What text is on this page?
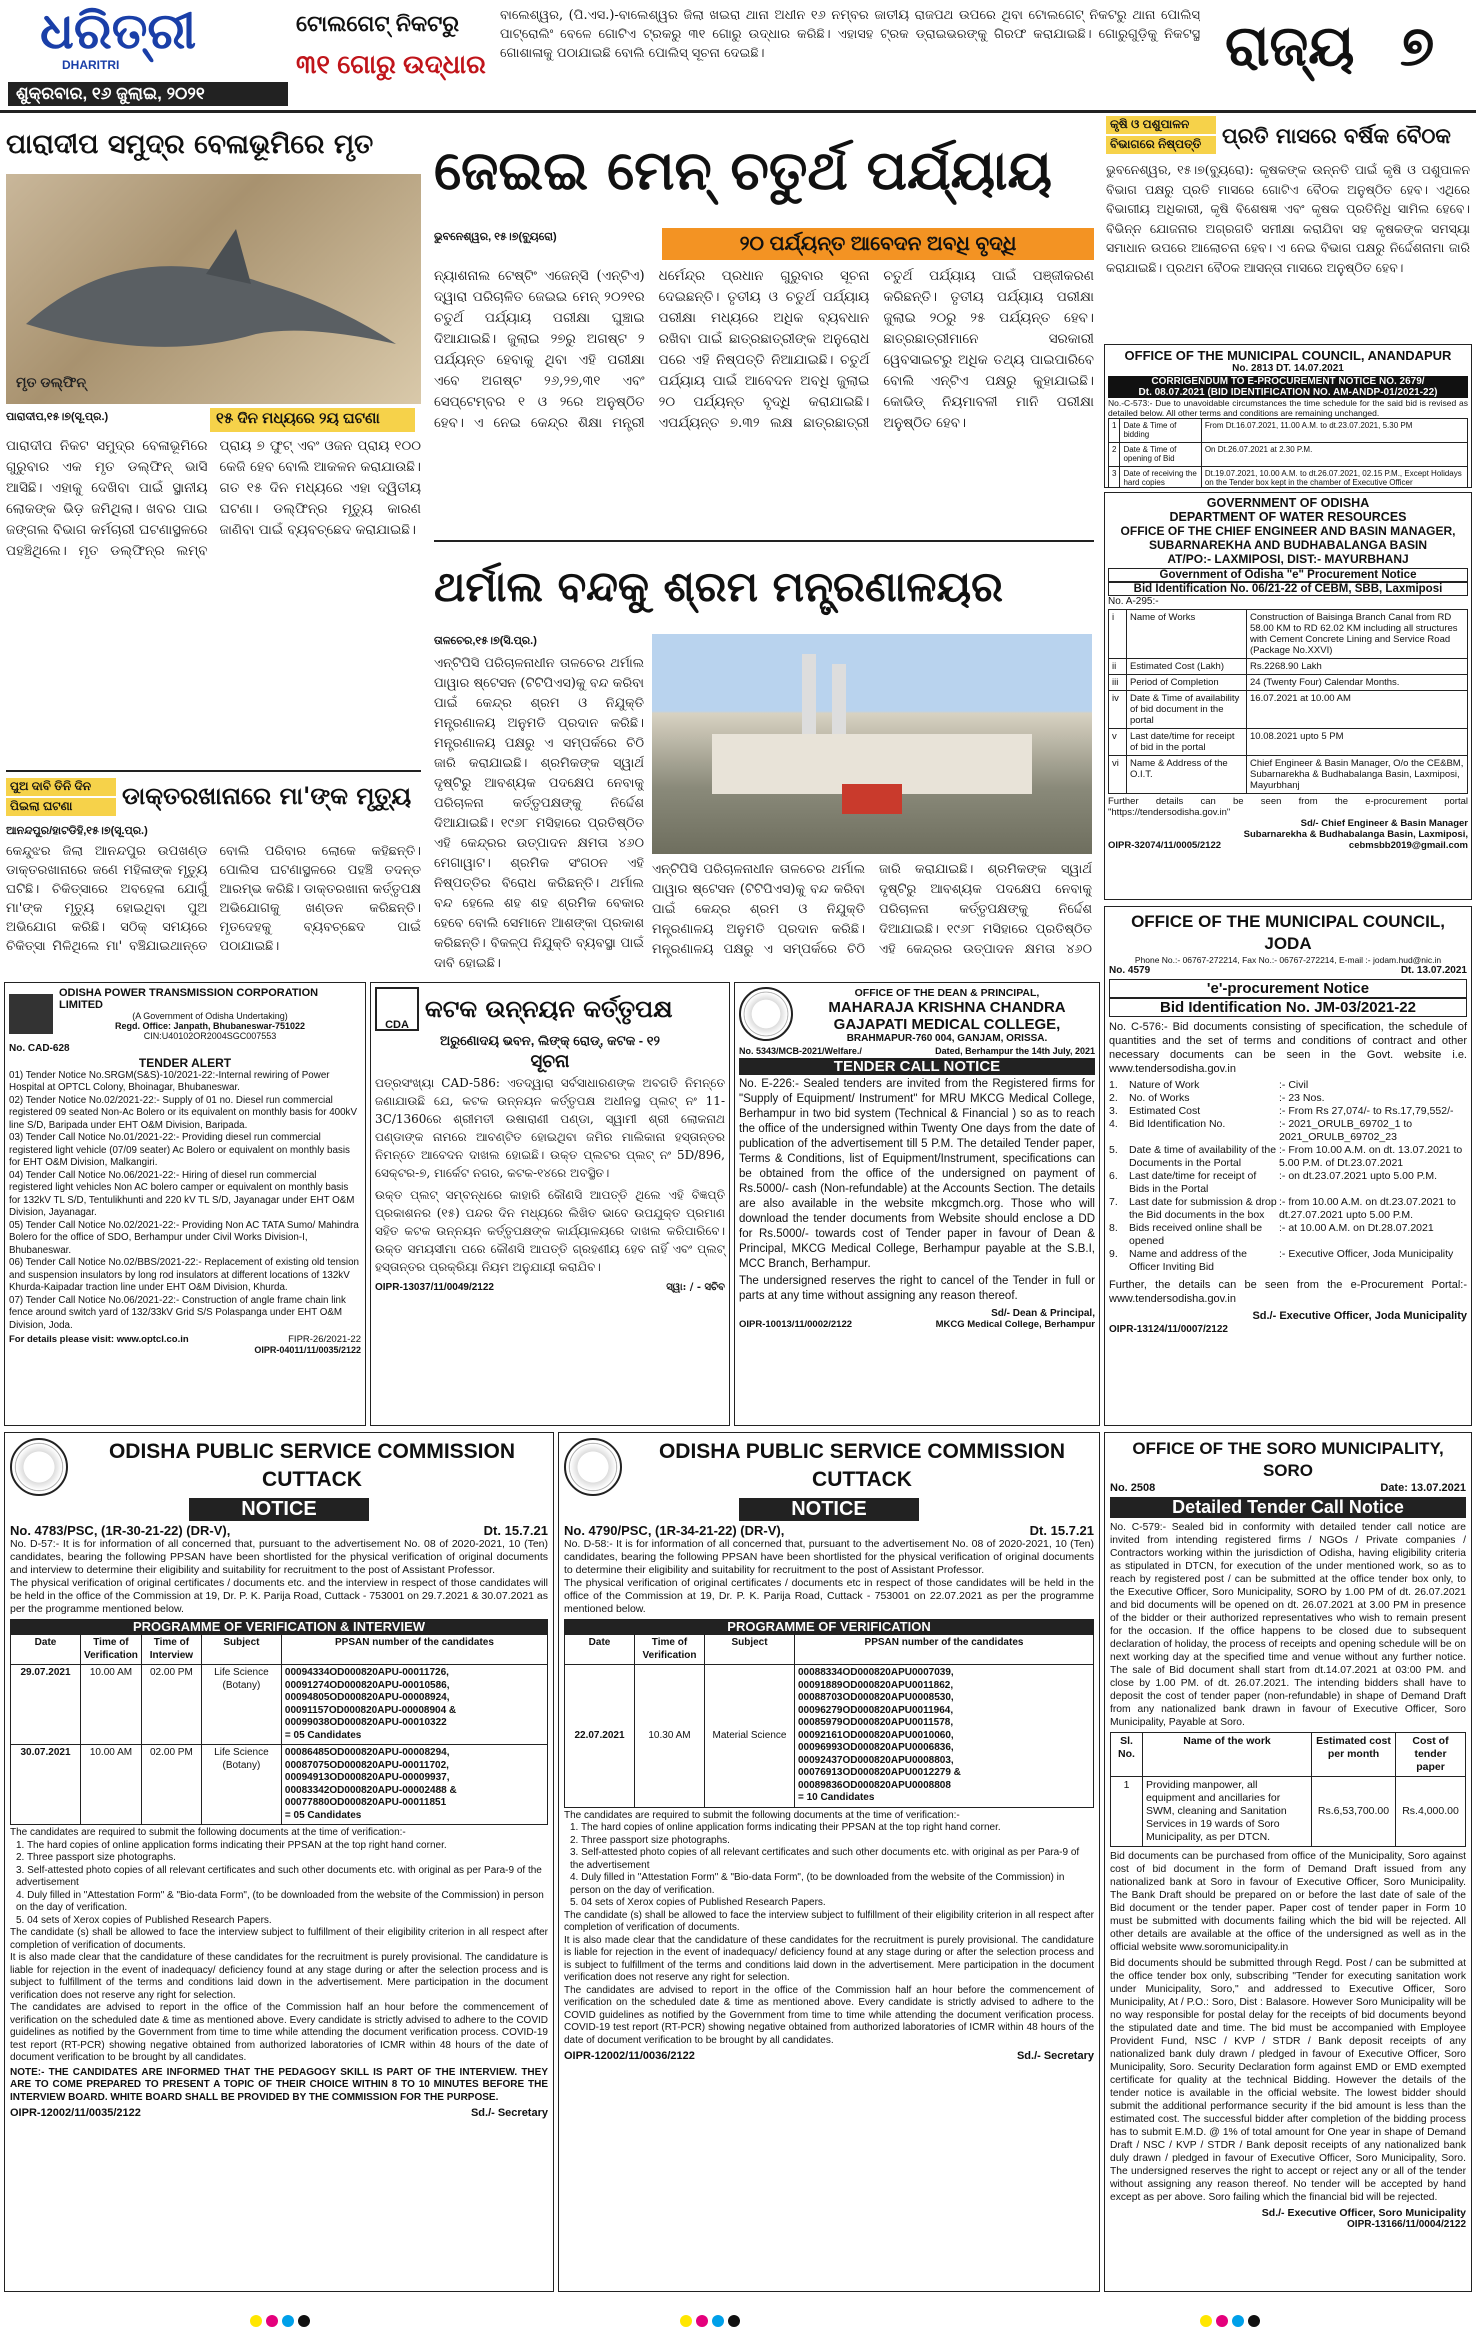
ଧରିତ୍ରୀ
DHARITRI
ଶୁକ୍ରବାର, ୧୬ ଜୁଲାଇ, ୨୦୨୧
ଟୋଲଗେଟ୍ ନିକଟରୁ
୩୧ ଗୋରୁ ଉଦ୍ଧାର
ବାଲେଶ୍ୱର, (ପି.ଏସ.)-ବାଲେଶ୍ୱର ଜିଲା ଖଇରା ଥାନା ଅଧୀନ ୧୬ ନମ୍ବର ଜାତୀୟ ରାଜପଥ ଉପରେ ଥିବା ଟୋଲଗେଟ୍ ନିକଟରୁ ଥାନା ପୋଲିସ୍ ପାଟ୍ରୋଲିଂ ବେଳେ ଗୋଟିଏ ଟ୍ରକରୁ ୩୧ ଗୋରୁ ଉଦ୍ଧାର କରିଛି। ଏହାସହ ଟ୍ରକ ଡ୍ରାଇଭରଙ୍କୁ ଗିରଫ କରାଯାଇଛି। ଗୋରୁଗୁଡ଼ିକୁ ନିକଟସ୍ଥ ଗୋଶାଳାକୁ ପଠାଯାଇଛି ବୋଲି ପୋଲିସ୍ ସୂଚନା ଦେଇଛି।	ରାଜ୍ୟ ୭
ପାରାଦୀପ ସମୁଦ୍ର ବେଳାଭୂମିରେ ମୃତ
ମୃତ ଡଲ୍‌ଫିନ୍
ପାରାଦୀପ,୧୫।୭(ସୂ.ପ୍ର.)	୧୫ ଦିନ ମଧ୍ୟରେ ୨ୟ ଘଟଣା
ପାରାଦୀପ ନିକଟ ସମୁଦ୍ର ବେଳାଭୂମିରେ ଗୁରୁବାର ଏକ ମୃତ ଡଲ୍‌ଫିନ୍ ଭାସି ଆସିଛି। ଏହାକୁ ଦେଖିବା ପାଇଁ ସ୍ଥାନୀୟ ଲୋକଙ୍କ ଭିଡ଼ ଜମିଥିଲା। ଖବର ପାଇ ଜଙ୍ଗଲ ବିଭାଗ କର୍ମଚାରୀ ଘଟଣାସ୍ଥଳରେ ପହଞ୍ଚିଥିଲେ। ମୃତ ଡଲ୍‌ଫିନ୍‌ର ଲମ୍ବ ପ୍ରାୟ ୭ ଫୁଟ୍ ଏବଂ ଓଜନ ପ୍ରାୟ ୧୦୦ କେଜି ହେବ ବୋଲି ଆକଳନ କରାଯାଉଛି। ଗତ ୧୫ ଦିନ ମଧ୍ୟରେ ଏହା ଦ୍ୱିତୀୟ ଘଟଣା। ଡଲ୍‌ଫିନ୍‌ର ମୃତ୍ୟୁ କାରଣ ଜାଣିବା ପାଇଁ ବ୍ୟବଚ୍ଛେଦ କରାଯାଇଛି।
ପୁଅ ଦାବି ତିନି ଦିନ
ପିଇଲା ଘଟଣା	ଡାକ୍ତରଖାନାରେ ମା'ଙ୍କ ମୃତ୍ୟୁ
ଆନନ୍ଦପୁର/ହାଟଡିହି,୧୫।୭(ସୂ.ପ୍ର.)
କେନ୍ଦୁଝର ଜିଲା ଆନନ୍ଦପୁର ଉପଖଣ୍ଡ ଡାକ୍ତରଖାନାରେ ଜଣେ ମହିଳାଙ୍କ ମୃତ୍ୟୁ ଘଟିଛି। ଚିକିତ୍ସାରେ ଅବହେଳା ଯୋଗୁଁ ମା'ଙ୍କ ମୃତ୍ୟୁ ହୋଇଥିବା ପୁଅ ଅଭିଯୋଗ କରିଛି। ସଠିକ୍ ସମୟରେ ଚିକିତ୍ସା ମିଳିଥିଲେ ମା' ବଞ୍ଚିଯାଇଥାନ୍ତେ ବୋଲି ପରିବାର ଲୋକେ କହିଛନ୍ତି। ପୋଲିସ ଘଟଣାସ୍ଥଳରେ ପହଞ୍ଚି ତଦନ୍ତ ଆରମ୍ଭ କରିଛି। ଡାକ୍ତରଖାନା କର୍ତ୍ତୃପକ୍ଷ ଅଭିଯୋଗକୁ ଖଣ୍ଡନ କରିଛନ୍ତି। ମୃତଦେହକୁ ବ୍ୟବଚ୍ଛେଦ ପାଇଁ ପଠାଯାଇଛି।
ଜେଇଇ ମେନ୍ ଚତୁର୍ଥ ପର୍ଯ୍ୟାୟ
ଭୁବନେଶ୍ୱର, ୧୫।୭(ବ୍ୟୁରୋ)	୨୦ ପର୍ଯ୍ୟନ୍ତ ଆବେଦନ ଅବଧି ବୃଦ୍ଧି
ନ୍ୟାଶନାଲ ଟେଷ୍ଟିଂ ଏଜେନ୍ସି (ଏନ୍‌ଟିଏ) ଦ୍ୱାରା ପରିଚାଳିତ ଜେଇଇ ମେନ୍ ୨୦୨୧ର ଚତୁର୍ଥ ପର୍ଯ୍ୟାୟ ପରୀକ୍ଷା ଘୁଞ୍ଚାଇ ଦିଆଯାଇଛି। ଜୁଲାଇ ୨୭ରୁ ଅଗଷ୍ଟ ୨ ପର୍ଯ୍ୟନ୍ତ ହେବାକୁ ଥିବା ଏହି ପରୀକ୍ଷା ଏବେ ଅଗଷ୍ଟ ୨୬,୨୭,୩୧ ଏବଂ ସେପ୍ଟେମ୍ବର ୧ ଓ ୨ରେ ଅନୁଷ୍ଠିତ ହେବ। ଏ ନେଇ କେନ୍ଦ୍ର ଶିକ୍ଷା ମନ୍ତ୍ରୀ ଧର୍ମେନ୍ଦ୍ର ପ୍ରଧାନ ଗୁରୁବାର ସୂଚନା ଦେଇଛନ୍ତି। ତୃତୀୟ ଓ ଚତୁର୍ଥ ପର୍ଯ୍ୟାୟ ପରୀକ୍ଷା ମଧ୍ୟରେ ଅଧିକ ବ୍ୟବଧାନ ରଖିବା ପାଇଁ ଛାତ୍ରଛାତ୍ରୀଙ୍କ ଅନୁରୋଧ ପରେ ଏହି ନିଷ୍ପତ୍ତି ନିଆଯାଇଛି। ଚତୁର୍ଥ ପର୍ଯ୍ୟାୟ ପାଇଁ ଆବେଦନ ଅବଧି ଜୁଲାଇ ୨୦ ପର୍ଯ୍ୟନ୍ତ ବୃଦ୍ଧି କରାଯାଇଛି। ଏପର୍ଯ୍ୟନ୍ତ ୭.୩୨ ଲକ୍ଷ ଛାତ୍ରଛାତ୍ରୀ ଚତୁର୍ଥ ପର୍ଯ୍ୟାୟ ପାଇଁ ପଞ୍ଜୀକରଣ କରିଛନ୍ତି। ତୃତୀୟ ପର୍ଯ୍ୟାୟ ପରୀକ୍ଷା ଜୁଲାଇ ୨୦ରୁ ୨୫ ପର୍ଯ୍ୟନ୍ତ ହେବ। ଛାତ୍ରଛାତ୍ରୀମାନେ ସରକାରୀ ୱେବସାଇଟରୁ ଅଧିକ ତଥ୍ୟ ପାଇପାରିବେ ବୋଲି ଏନ୍‌ଟିଏ ପକ୍ଷରୁ କୁହାଯାଇଛି। କୋଭିଡ୍ ନିୟମାବଳୀ ମାନି ପରୀକ୍ଷା ଅନୁଷ୍ଠିତ ହେବ।
ଥର୍ମାଲ ବନ୍ଦକୁ ଶ୍ରମ ମନ୍ତ୍ରଣାଳୟର
ତାଳଚେର,୧୫।୭(ସି.ପ୍ର.)
ଏନ୍‌ଟିପିସି ପରିଚାଳନାଧୀନ ତାଳଚେର ଥର୍ମାଲ ପାୱାର ଷ୍ଟେସନ (ଟିଟିପିଏସ)କୁ ବନ୍ଦ କରିବା ପାଇଁ କେନ୍ଦ୍ର ଶ୍ରମ ଓ ନିଯୁକ୍ତି ମନ୍ତ୍ରଣାଳୟ ଅନୁମତି ପ୍ରଦାନ କରିଛି। ମନ୍ତ୍ରଣାଳୟ ପକ୍ଷରୁ ଏ ସମ୍ପର୍କରେ ଚିଠି ଜାରି କରାଯାଇଛି। ଶ୍ରମିକଙ୍କ ସ୍ୱାର୍ଥ ଦୃଷ୍ଟିରୁ ଆବଶ୍ୟକ ପଦକ୍ଷେପ ନେବାକୁ ପରିଚାଳନା କର୍ତ୍ତୃପକ୍ଷଙ୍କୁ ନିର୍ଦ୍ଦେଶ ଦିଆଯାଇଛି। ୧୯୬୮ ମସିହାରେ ପ୍ରତିଷ୍ଠିତ ଏହି କେନ୍ଦ୍ରର ଉତ୍ପାଦନ କ୍ଷମତା ୪୬୦ ମେଗାୱାଟ। ଶ୍ରମିକ ସଂଗଠନ ଏହି ନିଷ୍ପତ୍ତିର ବିରୋଧ କରିଛନ୍ତି। ଥର୍ମାଲ ବନ୍ଦ ହେଲେ ଶହ ଶହ ଶ୍ରମିକ ବେକାର ହେବେ ବୋଲି ସେମାନେ ଆଶଙ୍କା ପ୍ରକାଶ କରିଛନ୍ତି। ବିକଳ୍ପ ନିଯୁକ୍ତି ବ୍ୟବସ୍ଥା ପାଇଁ ଦାବି ହୋଇଛି।
ଏନ୍‌ଟିପିସି ପରିଚାଳନାଧୀନ ତାଳଚେର ଥର୍ମାଲ ପାୱାର ଷ୍ଟେସନ (ଟିଟିପିଏସ)କୁ ବନ୍ଦ କରିବା ପାଇଁ କେନ୍ଦ୍ର ଶ୍ରମ ଓ ନିଯୁକ୍ତି ମନ୍ତ୍ରଣାଳୟ ଅନୁମତି ପ୍ରଦାନ କରିଛି। ମନ୍ତ୍ରଣାଳୟ ପକ୍ଷରୁ ଏ ସମ୍ପର୍କରେ ଚିଠି ଜାରି କରାଯାଇଛି। ଶ୍ରମିକଙ୍କ ସ୍ୱାର୍ଥ ଦୃଷ୍ଟିରୁ ଆବଶ୍ୟକ ପଦକ୍ଷେପ ନେବାକୁ ପରିଚାଳନା କର୍ତ୍ତୃପକ୍ଷଙ୍କୁ ନିର୍ଦ୍ଦେଶ ଦିଆଯାଇଛି। ୧୯୬୮ ମସିହାରେ ପ୍ରତିଷ୍ଠିତ ଏହି କେନ୍ଦ୍ରର ଉତ୍ପାଦନ କ୍ଷମତା ୪୬୦
କୃଷି ଓ ପଶୁପାଳନ
ବିଭାଗରେ ନିଷ୍ପତ୍ତି ପ୍ରତି ମାସରେ ବର୍ଷିକ ବୈଠକ
ଭୁବନେଶ୍ୱର, ୧୫।୭(ବ୍ୟୁରୋ): କୃଷକଙ୍କ ଉନ୍ନତି ପାଇଁ କୃଷି ଓ ପଶୁପାଳନ ବିଭାଗ ପକ୍ଷରୁ ପ୍ରତି ମାସରେ ଗୋଟିଏ ବୈଠକ ଅନୁଷ୍ଠିତ ହେବ। ଏଥିରେ ବିଭାଗୀୟ ଅଧିକାରୀ, କୃଷି ବିଶେଷଜ୍ଞ ଏବଂ କୃଷକ ପ୍ରତିନିଧି ସାମିଲ ହେବେ। ବିଭିନ୍ନ ଯୋଜନାର ଅଗ୍ରଗତି ସମୀକ୍ଷା କରାଯିବା ସହ କୃଷକଙ୍କ ସମସ୍ୟା ସମାଧାନ ଉପରେ ଆଲୋଚନା ହେବ। ଏ ନେଇ ବିଭାଗ ପକ୍ଷରୁ ନିର୍ଦ୍ଦେଶନାମା ଜାରି କରାଯାଇଛି। ପ୍ରଥମ ବୈଠକ ଆସନ୍ତା ମାସରେ ଅନୁଷ୍ଠିତ ହେବ।
OFFICE OF THE MUNICIPAL COUNCIL, ANANDAPUR
No. 2813 DT. 14.07.2021
CORRIGENDUM TO E-PROCUREMENT NOTICE NO. 2679/
Dt. 08.07.2021 (BID IDENTIFICATION NO. AM-ANDP-01/2021-22)
No.-C-573:- Due to unavoidable circumstances the time schedule for the said bid is revised as detailed below. All other terms and conditions are remaining unchanged.
1	Date & Time of bidding	From Dt.16.07.2021, 11.00 A.M. to dt.23.07.2021, 5.30 PM
2	Date & Time of opening of Bid	On Dt.26.07.2021 at 2.30 P.M.
3	Date of receiving the hard copies	Dt.19.07.2021, 10.00 A.M. to dt.26.07.2021, 02.15 P.M., Except Holidays on the Tender box kept in the chamber of Executive Officer
GOVERNMENT OF ODISHA
DEPARTMENT OF WATER RESOURCES
OFFICE OF THE CHIEF ENGINEER AND BASIN MANAGER,
SUBARNAREKHA AND BUDHABALANGA BASIN
AT/PO:- LAXMIPOSI, DIST:- MAYURBHANJ
Government of Odisha "e" Procurement Notice
Bid Identification No. 06/21-22 of CEBM, SBB, Laxmiposi
No. A-295:-
i	Name of Works	Construction of Baisinga Branch Canal from RD 58.00 KM to RD 62.02 KM including all structures with Cement Concrete Lining and Service Road (Package No.XXVI)
ii	Estimated Cost (Lakh)	Rs.2268.90 Lakh
iii	Period of Completion	24 (Twenty Four) Calendar Months.
iv	Date & Time of availability of bid document in the portal	16.07.2021 at 10.00 AM
v	Last date/time for receipt of bid in the portal	10.08.2021 upto 5 PM
vi	Name & Address of the O.I.T.	Chief Engineer & Basin Manager, O/o the CE&BM, Subarnarekha & Budhabalanga Basin, Laxmiposi, Mayurbhanj
Further details can be seen from the e-procurement portal "https://tendersodisha.gov.in"
Sd/- Chief Engineer & Basin Manager
Subarnarekha & Budhabalanga Basin, Laxmiposi,
OIPR-32074/11/0005/2122	cebmsbb2019@gmail.com
OFFICE OF THE MUNICIPAL COUNCIL, JODA
Phone No.:- 06767-272214, Fax No.:- 06767-272214, E-mail :- jodam.hud@nic.in
No. 4579	Dt. 13.07.2021
'e'-procurement Notice
Bid Identification No. JM-03/2021-22
No. C-576:- Bid documents consisting of specification, the schedule of quantities and the set of terms and conditions of contract and other necessary documents can be seen in the Govt. website i.e. www.tendersodisha.gov.in
1.	Nature of Work	:- Civil
2.	No. of Works	:- 23 Nos.
3.	Estimated Cost	:- From Rs 27,074/- to Rs.17,79,552/-
4.	Bid Identification No.	:- 2021_ORULB_69702_1 to 2021_ORULB_69702_23
5.	Date & time of availability of the Documents in the Portal
:- From 10.00 A.M. on dt. 13.07.2021 to 5.00 P.M. of Dt.23.07.2021
6.	Last date/time for receipt of Bids in the Portal
:- on dt.23.07.2021 upto 5.00 P.M.
7.	Last date for submission & drop the Bid documents in the box
:- from 10.00 A.M. on dt.23.07.2021 to dt.27.07.2021 upto 5.00 P.M.
8.	Bids received online shall be opened
:- at 10.00 A.M. on Dt.28.07.2021
9.	Name and address of the Officer Inviting Bid
:- Executive Officer, Joda Municipality
Further, the details can be seen from the e-Procurement Portal:- www.tendersodisha.gov.in
Sd./- Executive Officer, Joda Municipality
OIPR-13124/11/0007/2122
ODISHA POWER TRANSMISSION CORPORATION LIMITED
(A Government of Odisha Undertaking)
Regd. Office: Janpath, Bhubaneswar-751022
CIN:U40102OR2004SGC007553
No. CAD-628
TENDER ALERT
01) Tender Notice No.SRGM(S&S)-10/2021-22:-Internal rewiring of Power Hospital at OPTCL Colony, Bhoinagar, Bhubaneswar.
02) Tender Notice No.02/2021-22:- Supply of 01 no. Diesel run commercial registered 09 seated Non-Ac Bolero or its equivalent on monthly basis for 400kV line S/D, Baripada under EHT O&M Division, Baripada.
03) Tender Call Notice No.01/2021-22:- Providing diesel run commercial registered light vehicle (07/09 seater) Ac Bolero or equivalent on monthly basis for EHT O&M Division, Malkangiri.
04) Tender Call Notice No.06/2021-22:- Hiring of diesel run commercial registered light vehicles Non AC bolero camper or equivalent on monthly basis for 132kV TL S/D, Tentulikhunti and 220 kV TL S/D, Jayanagar under EHT O&M Division, Jayanagar.
05) Tender Call Notice No.02/2021-22:- Providing Non AC TATA Sumo/ Mahindra Bolero for the office of SDO, Berhampur under Civil Works Division-I, Bhubaneswar.
06) Tender Call Notice No.02/BBS/2021-22:- Replacement of existing old tension and suspension insulators by long rod insulators at different locations of 132kV Khurda-Kaipadar traction line under EHT O&M Division, Khurda.
07) Tender Call Notice No.06/2021-22:- Construction of angle frame chain link fence around switch yard of 132/33kV Grid S/S Polaspanga under EHT O&M Division, Joda.
For details please visit: www.optcl.co.in	FIPR-26/2021-22
OIPR-04011/11/0035/2122
CDA
କଟକ ଉନ୍ନୟନ କର୍ତ୍ତୃପକ୍ଷ
ଅରୁଣୋଦୟ ଭବନ, ଲିଙ୍କ୍ ରୋଡ୍, କଟକ - ୧୨
ସୂଚନା
ପତ୍ରସଂଖ୍ୟା CAD-586: ଏତଦ୍ୱାରା ସର୍ବସାଧାରଣଙ୍କ ଅବଗତି ନିମନ୍ତେ ଜଣାଯାଉଛି ଯେ, କଟକ ଉନ୍ନୟନ କର୍ତ୍ତୃପକ୍ଷ ଅଧୀନସ୍ଥ ପ୍ଲଟ୍ ନଂ 11-3C/1360ରେ ଶ୍ରୀମତୀ ଉଷାରାଣୀ ପଣ୍ଡା, ସ୍ୱାମୀ ଶ୍ରୀ ଲୋକନାଥ ପଣ୍ଡାଙ୍କ ନାମରେ ଆବଣ୍ଟିତ ହୋଇଥିବା ଜମିର ମାଲିକାନା ହସ୍ତାନ୍ତର ନିମନ୍ତେ ଆବେଦନ ଦାଖଲ ହୋଇଛି। ଉକ୍ତ ପ୍ଲଟର ପ୍ଲଟ୍ ନଂ 5D/896, ସେକ୍ଟର-୭, ମାର୍କେଟ ନଗର, କଟକ-୧୪ରେ ଅବସ୍ଥିତ।
ଉକ୍ତ ପ୍ଲଟ୍ ସମ୍ବନ୍ଧରେ କାହାରି କୌଣସି ଆପତ୍ତି ଥିଲେ ଏହି ବିଜ୍ଞପ୍ତି ପ୍ରକାଶନର (୧୫) ପନ୍ଦର ଦିନ ମଧ୍ୟରେ ଲିଖିତ ଭାବେ ଉପଯୁକ୍ତ ପ୍ରମାଣ ସହିତ କଟକ ଉନ୍ନୟନ କର୍ତ୍ତୃପକ୍ଷଙ୍କ କାର୍ଯ୍ୟାଳୟରେ ଦାଖଲ କରିପାରିବେ। ଉକ୍ତ ସମୟସୀମା ପରେ କୌଣସି ଆପତ୍ତି ଗ୍ରହଣୀୟ ହେବ ନାହିଁ ଏବଂ ପ୍ଲଟ୍ ହସ୍ତାନ୍ତର ପ୍ରକ୍ରିୟା ନିୟମ ଅନୁଯାୟୀ କରାଯିବ।
OIPR-13037/11/0049/2122	ସ୍ୱା: / - ସଚିବ
OFFICE OF THE DEAN & PRINCIPAL,
MAHARAJA KRISHNA CHANDRA
GAJAPATI MEDICAL COLLEGE,
BRAHMAPUR-760 004, GANJAM, ORISSA.
No. 5343/MCB-2021/Welfare./	Dated, Berhampur the 14th July, 2021
TENDER CALL NOTICE
No. E-226:- Sealed tenders are invited from the Registered firms for "Supply of Equipment/ Instrument" for MRU MKCG Medical College, Berhampur in two bid system (Technical & Financial ) so as to reach the office of the undersigned within Twenty One days from the date of publication of the advertisement till 5 P.M. The detailed Tender paper, Terms & Conditions, list of Equipment/Instrument, specifications can be obtained from the office of the undersigned on payment of Rs.5000/- cash (Non-refundable) at the Accounts Section. The details are also available in the website mkcgmch.org. Those who will download the tender documents from Website should enclose a DD for Rs.5000/- towards cost of Tender paper in favour of Dean & Principal, MKCG Medical College, Berhampur payable at the S.B.I, MCC Branch, Berhampur.
The undersigned reserves the right to cancel of the Tender in full or parts at any time without assigning any reason thereof.
Sd/- Dean & Principal,
OIPR-10013/11/0002/2122	MKCG Medical College, Berhampur
ODISHA PUBLIC SERVICE COMMISSION
CUTTACK
NOTICE
No. 4783/PSC, (1R-30-21-22) (DR-V),	Dt. 15.7.21
No. D-57:- It is for information of all concerned that, pursuant to the advertisement No. 08 of 2020-2021, 10 (Ten) candidates, bearing the following PPSAN have been shortlisted for the physical verification of original documents and interview to determine their eligibility and suitability for recruitment to the post of Assistant Professor.
The physical verification of original certificates / documents etc. and the interview in respect of those candidates will be held in the office of the Commission at 19, Dr. P. K. Parija Road, Cuttack - 753001 on 29.7.2021 & 30.07.2021 as per the programme mentioned below.
PROGRAMME OF VERIFICATION & INTERVIEW
Date	Time of Verification	Time of Interview	Subject	PPSAN number of the candidates
29.07.2021	10.00 AM	02.00 PM	Life Science (Botany)	00094334OD000820APU-00011726, 00091274OD000820APU-00010586, 00094805OD000820APU-00008924, 00091157OD000820APU-00008904 & 00099038OD000820APU-00010322
= 05 Candidates
30.07.2021	10.00 AM	02.00 PM	Life Science (Botany)	00086485OD000820APU-00008294, 00087075OD000820APU-00011702, 00094913OD000820APU-00009937, 00083342OD000820APU-00002488 & 00077880OD000820APU-00011851
= 05 Candidates
The candidates are required to submit the following documents at the time of verification:-
1. The hard copies of online application forms indicating their PPSAN at the top right hand corner.
2. Three passport size photographs.
3. Self-attested photo copies of all relevant certificates and such other documents etc. with original as per Para-9 of the advertisement
4. Duly filled in "Attestation Form" & "Bio-data Form", (to be downloaded from the website of the Commission) in person on the day of verification.
5. 04 sets of Xerox copies of Published Research Papers.
The candidate (s) shall be allowed to face the interview subject to fulfillment of their eligibility criterion in all respect after completion of verification of documents.
It is also made clear that the candidature of these candidates for the recruitment is purely provisional. The candidature is liable for rejection in the event of inadequacy/ deficiency found at any stage during or after the selection process and is subject to fulfillment of the terms and conditions laid down in the advertisement. Mere participation in the document verification does not reserve any right for selection.
The candidates are advised to report in the office of the Commission half an hour before the commencement of verification on the scheduled date & time as mentioned above. Every candidate is strictly advised to adhere to the COVID guidelines as notified by the Government from time to time while attending the document verification process. COVID-19 test report (RT-PCR) showing negative obtained from authorized laboratories of ICMR within 48 hours of the date of document verification to be brought by all candidates.
NOTE:- THE CANDIDATES ARE INFORMED THAT THE PEDAGOGY SKILL IS PART OF THE INTERVIEW. THEY ARE TO COME PREPARED TO PRESENT A TOPIC OF THEIR CHOICE WITHIN 8 TO 10 MINUTES BEFORE THE INTERVIEW BOARD. WHITE BOARD SHALL BE PROVIDED BY THE COMMISSION FOR THE PURPOSE.
OIPR-12002/11/0035/2122	Sd./- Secretary
ODISHA PUBLIC SERVICE COMMISSION
CUTTACK
NOTICE
No. 4790/PSC, (1R-34-21-22) (DR-V),	Dt. 15.7.21
No. D-58:- It is for information of all concerned that, pursuant to the advertisement No. 08 of 2020-2021, 10 (Ten) candidates, bearing the following PPSAN have been shortlisted for the physical verification of original documents to determine their eligibility and suitability for recruitment to the post of Assistant Professor.
The physical verification of original certificates / documents etc in respect of those candidates will be held in the office of the Commission at 19, Dr. P. K. Parija Road, Cuttack - 753001 on 22.07.2021 as per the programme mentioned below.
PROGRAMME OF VERIFICATION
Date	Time of Verification	Subject	PPSAN number of the candidates
22.07.2021	10.30 AM	Material Science	00088334OD000820APU0007039, 00091889OD000820APU0011862, 00088703OD000820APU0008530, 00096279OD000820APU0011964, 00085979OD000820APU0011578, 00092161OD000820APU0010060, 00096993OD000820APU0006836, 00092437OD000820APU0008803, 00076913OD000820APU0012279 & 00089836OD000820APU0008808
= 10 Candidates
The candidates are required to submit the following documents at the time of verification:-
1. The hard copies of online application forms indicating their PPSAN at the top right hand corner.
2. Three passport size photographs.
3. Self-attested photo copies of all relevant certificates and such other documents etc. with original as per Para-9 of the advertisement
4. Duly filled in "Attestation Form" & "Bio-data Form", (to be downloaded from the website of the Commission) in person on the day of verification.
5. 04 sets of Xerox copies of Published Research Papers.
The candidate (s) shall be allowed to face the interview subject to fulfillment of their eligibility criterion in all respect after completion of verification of documents.
It is also made clear that the candidature of these candidates for the recruitment is purely provisional. The candidature is liable for rejection in the event of inadequacy/ deficiency found at any stage during or after the selection process and is subject to fulfillment of the terms and conditions laid down in the advertisement. Mere participation in the document verification does not reserve any right for selection.
The candidates are advised to report in the office of the Commission half an hour before the commencement of verification on the scheduled date & time as mentioned above. Every candidate is strictly advised to adhere to the COVID guidelines as notified by the Government from time to time while attending the document verification process. COVID-19 test report (RT-PCR) showing negative obtained from authorized laboratories of ICMR within 48 hours of the date of document verification to be brought by all candidates.
OIPR-12002/11/0036/2122	Sd./- Secretary
OFFICE OF THE SORO MUNICIPALITY, SORO
No. 2508	Date: 13.07.2021
Detailed Tender Call Notice
No. C-579:- Sealed bid in conformity with detailed tender call notice are invited from intending registered firms / NGOs / Private companies / Contractors working within the jurisdiction of Odisha, having eligibility criteria as stipulated in DTCN, for execution of the under mentioned work, so as to reach by registered post / can be submitted at the office tender box only, to the Executive Officer, Soro Municipality, SORO by 1.00 PM of dt. 26.07.2021 and bid documents will be opened on dt. 26.07.2021 at 3.00 PM in presence of the bidder or their authorized representatives who wish to remain present for the occasion. If the office happens to be closed due to subsequent declaration of holiday, the process of receipts and opening schedule will be on next working day at the specified time and venue without any further notice. The sale of Bid document shall start from dt.14.07.2021 at 03:00 PM. and close by 1.00 PM. of dt. 26.07.2021. The intending bidders shall have to deposit the cost of tender paper (non-refundable) in shape of Demand Draft from any nationalized bank drawn in favour of Executive Officer, Soro Municipality, Payable at Soro.
Sl. No.	Name of the work	Estimated cost per month	Cost of tender paper
1	Providing manpower, all equipment and ancillaries for SWM, cleaning and Sanitation Services in 19 wards of Soro Municipality, as per DTCN.	Rs.6,53,700.00	Rs.4,000.00
Bid documents can be purchased from office of the Municipality, Soro against cost of bid document in the form of Demand Draft issued from any nationalized bank at Soro in favour of Executive Officer, Soro Municipality. The Bank Draft should be prepared on or before the last date of sale of the Bid document or the tender paper. Paper cost of tender paper in Form 10 must be submitted with documents failing which the bid will be rejected. All other details are available at the office of the undersigned as well as in the official website www.soromunicipality.in
Bid documents should be submitted through Regd. Post / can be submitted at the office tender box only, subscribing "Tender for executing sanitation work under Municipality, Soro," and addressed to Executive Officer, Soro Municipality, At / P.O.: Soro, Dist : Balasore. However Soro Municipality will be no way responsible for postal delay for the receipts of bid documents beyond the stipulated date and time. The bid must be accompanied with Employee Provident Fund, NSC / KVP / STDR / Bank deposit receipts of any nationalized bank duly drawn / pledged in favour of Executive Officer, Soro Municipality, Soro. Security Declaration form against EMD or EMD exempted certificate for quality at the technical Bidding. However the details of the tender notice is available in the official website. The lowest bidder should submit the additional performance security if the bid amount is less than the estimated cost. The successful bidder after completion of the bidding process has to submit E.M.D. @ 1% of total amount for One year in shape of Demand Draft / NSC / KVP / STDR / Bank deposit receipts of any nationalized bank duly drawn / pledged in favour of Executive Officer, Soro Municipality, Soro. The undersigned reserves the right to accept or reject any or all of the tender without assigning any reason thereof. No tender will be accepted by hand except as per above. Soro failing which the financial bid will be rejected.
Sd./- Executive Officer, Soro Municipality
OIPR-13166/11/0004/2122
